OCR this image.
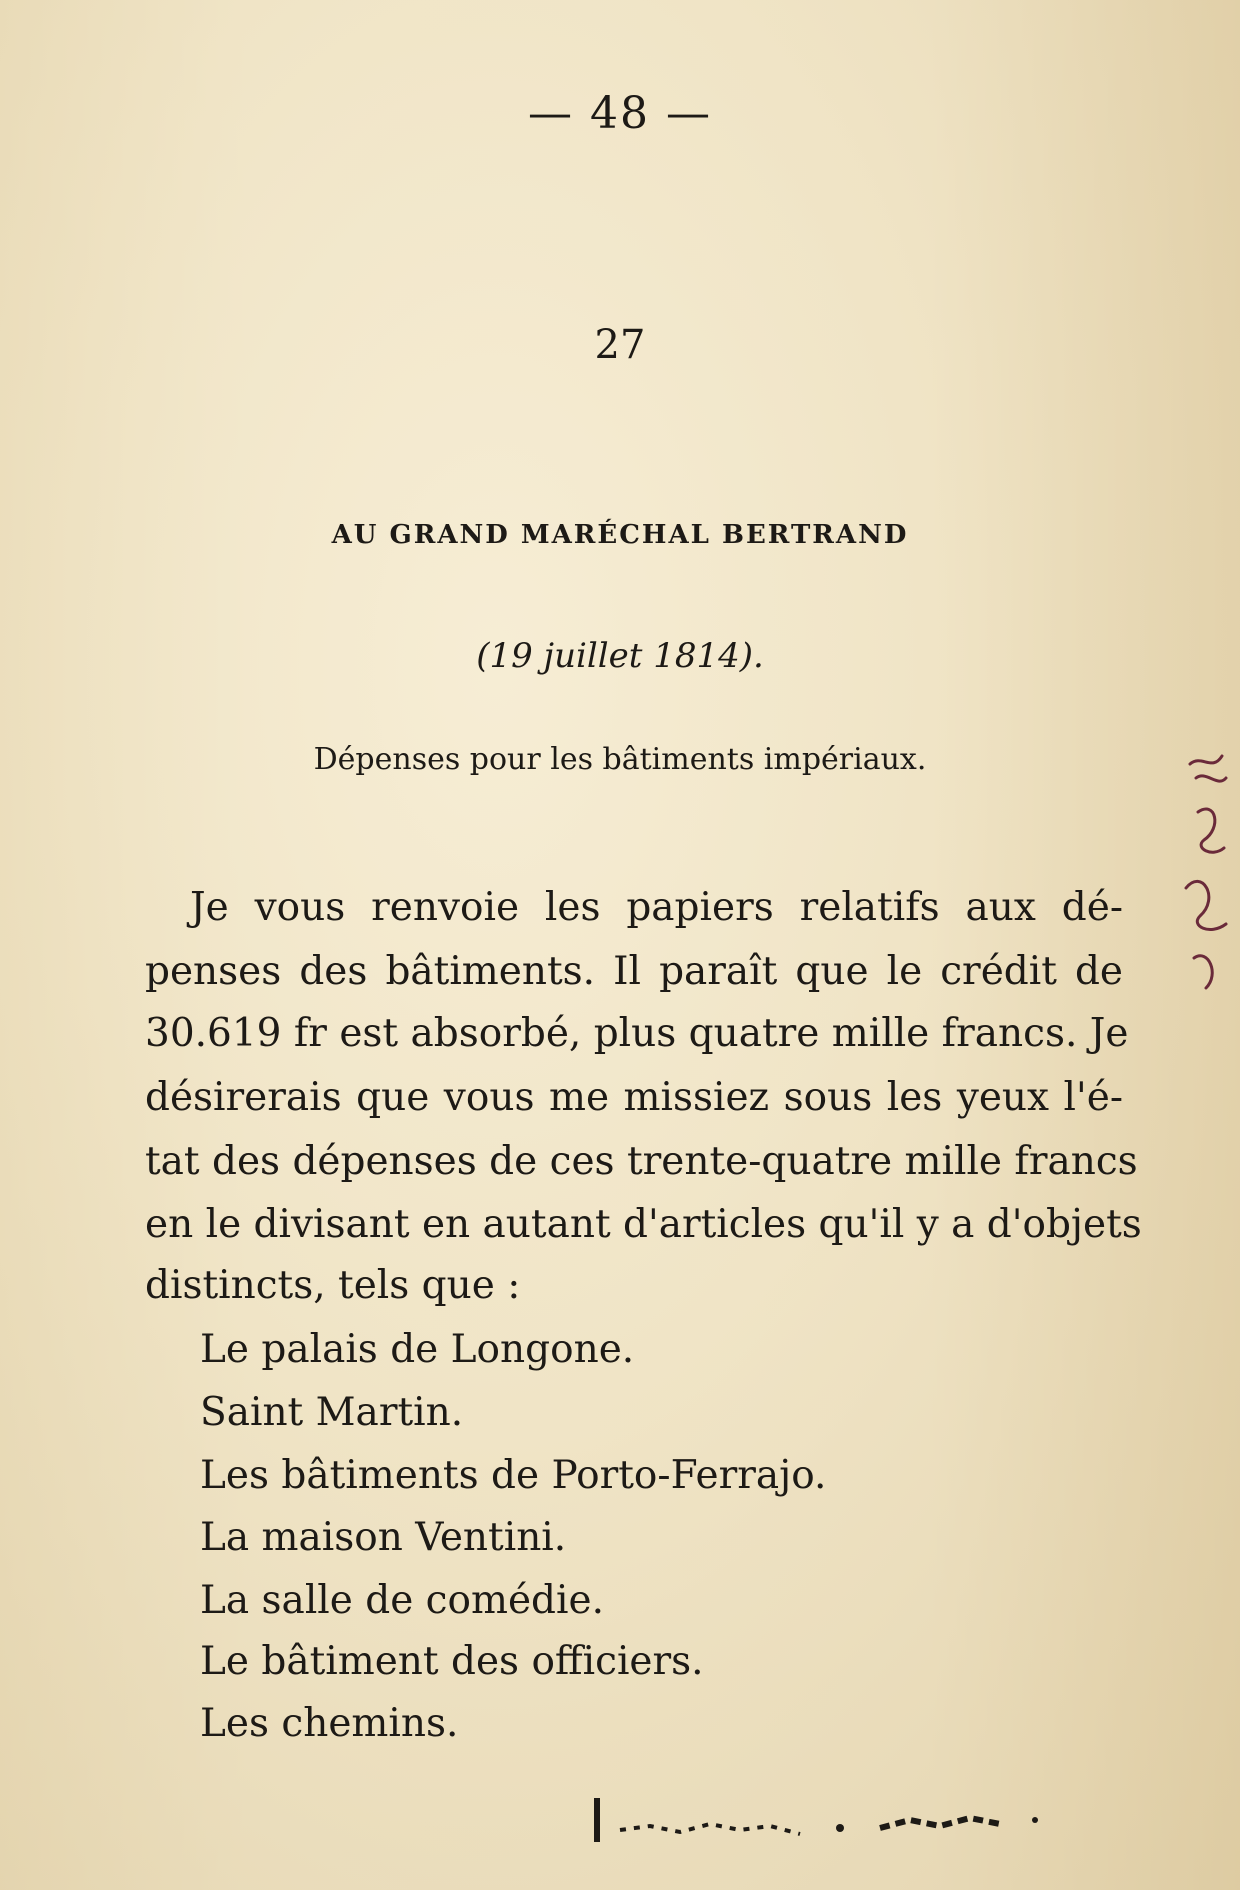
— 48 —
27
AU GRAND MARÉCHAL BERTRAND
(19 juillet 1814).
Dépenses pour les bâtiments impériaux.
Je vous renvoie les papiers relatifs aux dé-
penses des bâtiments. Il paraît que le crédit de
30.619 fr est absorbé, plus quatre mille francs. Je
désirerais que vous me missiez sous les yeux l'é-
tat des dépenses de ces trente-quatre mille francs
en le divisant en autant d'articles qu'il y a d'objets
distincts, tels que :
Le palais de Longone.
Saint Martin.
Les bâtiments de Porto-Ferrajo.
La maison Ventini.
La salle de comédie.
Le bâtiment des officiers.
Les chemins.
